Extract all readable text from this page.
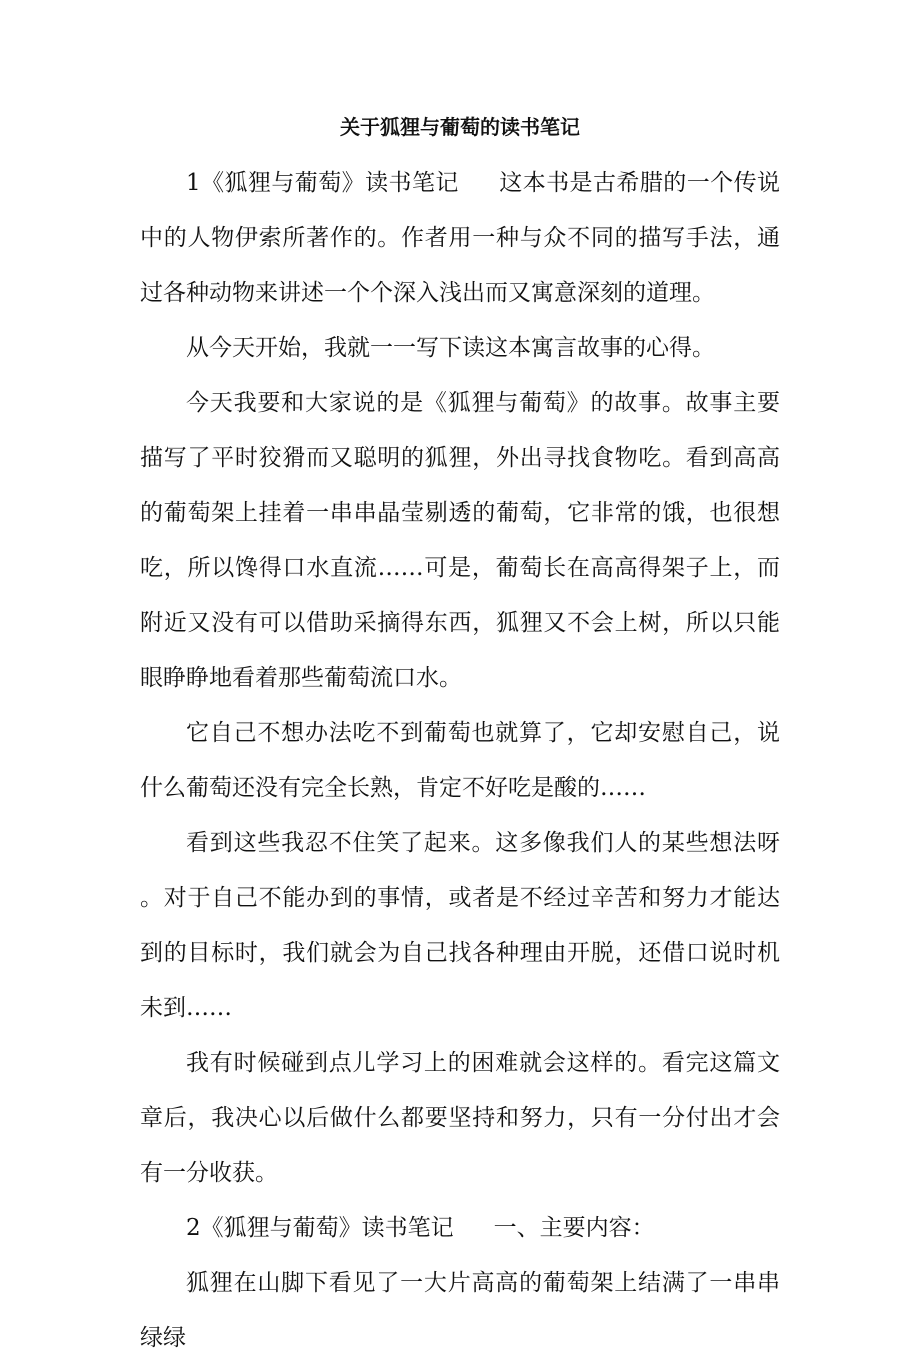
关于狐狸与葡萄的读书笔记

1《狐狸与葡萄》读书笔记 这本书是古希腊的一个传说中的人物伊索所著作的。作者用一种与众不同的描写手法，通过各种动物来讲述一个个深入浅出而又寓意深刻的道理。

从今天开始，我就一一写下读这本寓言故事的心得。

今天我要和大家说的是《狐狸与葡萄》的故事。故事主要描写了平时狡猾而又聪明的狐狸，外出寻找食物吃。看到高高的葡萄架上挂着一串串晶莹剔透的葡萄，它非常的饿，也很想吃，所以馋得口水直流……可是，葡萄长在高高得架子上，而附近又没有可以借助采摘得东西，狐狸又不会上树，所以只能眼睁睁地看着那些葡萄流口水。

它自己不想办法吃不到葡萄也就算了，它却安慰自己，说什么葡萄还没有完全长熟，肯定不好吃是酸的……

看到这些我忍不住笑了起来。这多像我们人的某些想法呀。对于自己不能办到的事情，或者是不经过辛苦和努力才能达到的目标时，我们就会为自己找各种理由开脱，还借口说时机未到……

我有时候碰到点儿学习上的困难就会这样的。看完这篇文章后，我决心以后做什么都要坚持和努力，只有一分付出才会有一分收获。

2《狐狸与葡萄》读书笔记 一、主要内容：

狐狸在山脚下看见了一大片高高的葡萄架上结满了一串串绿绿
